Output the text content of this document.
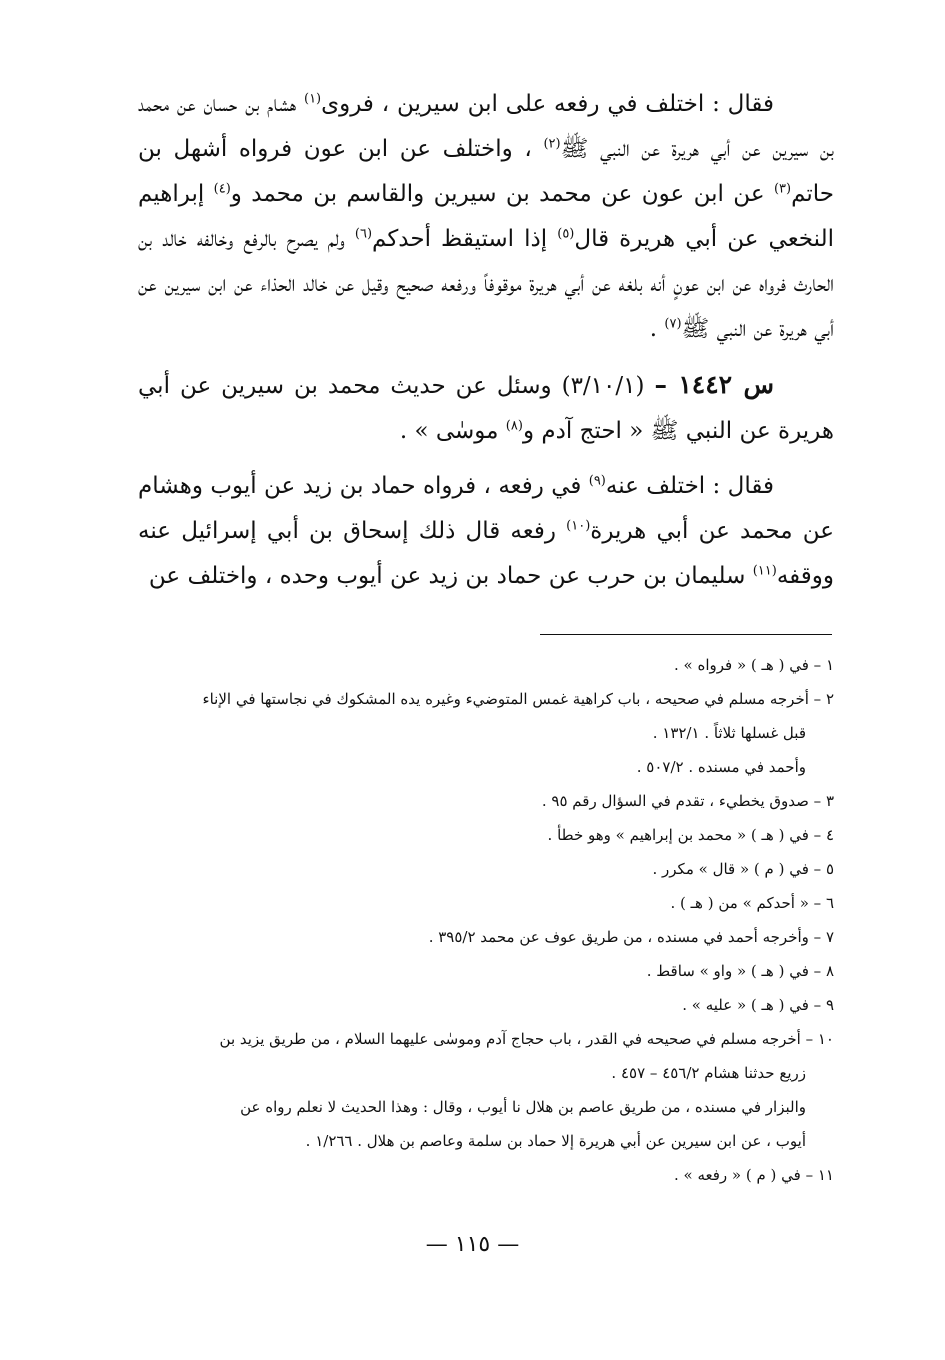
فقال : اختلف في رفعه على ابن سيرين ، فروى$^{(١)}$ هشام بن حسان عن محمد بن سيرين عن أبي هريرة عن النبي ﷺ$^{(٢)}$ ، واختلف عن ابن عون فرواه أشهل بن حاتم$^{(٣)}$ عن ابن عون عن محمد بن سيرين والقاسم بن محمد و$^{(٤)}$ إبراهيم النخعي عن أبي هريرة قال$^{(٥)}$ إذا استيقظ أحدكم$^{(٦)}$ ولم يصرح بالرفع وخالفه خالد بن الحارث فرواه عن ابن عونٍ أنه بلغه عن أبي هريرة موقوفاً ورفعه صحيح وقيل عن خالد الحذاء عن ابن سيرين عن أبي هريرة عن النبي ﷺ$^{(٧)}$ .

س ١٤٤٢ – (٣/١٠/١) وسئل عن حديث محمد بن سيرين عن أبي هريرة عن النبي ﷺ « احتج آدم و$^{(٨)}$ موسٰى » .

فقال : اختلف عنه$^{(٩)}$ في رفعه ، فرواه حماد بن زيد عن أيوب وهشام عن محمد عن أبي هريرة$^{(١٠)}$ رفعه قال ذلك إسحاق بن أبي إسرائيل عنه ووقفه$^{(١١)}$ سليمان بن حرب عن حماد بن زيد عن أيوب وحده ، واختلف عن

١ – في ( هـ ) « فرواه » .

٢ – أخرجه مسلم في صحيحه ، باب كراهية غمس المتوضيء وغيره يده المشكوك في نجاستها في الإناء
قبل غسلها ثلاثاً . ١٣٢/١ .
وأحمد في مسنده . ٥٠٧/٢ .

٣ – صدوق يخطيء ، تقدم في السؤال رقم ٩٥ .

٤ – في ( هـ ) « محمد بن إبراهيم » وهو خطأ .

٥ – في ( م ) « قال » مكرر .

٦ – « أحدكم » من ( هـ ) .

٧ – وأخرجه أحمد في مسنده ، من طريق عوف عن محمد ٣٩٥/٢ .

٨ – في ( هـ ) « واو » ساقط .

٩ – في ( هـ ) « عليه » .

١٠ – أخرجه مسلم في صحيحه في القدر ، باب حجاج آدم وموسٰى عليهما السلام ، من طريق يزيد بن
زريع حدثنا هشام ٤٥٦/٢ – ٤٥٧ .
والبزار في مسنده ، من طريق عاصم بن هلال نا أيوب ، وقال : وهذا الحديث لا نعلم رواه عن
أيوب ، عن ابن سيرين عن أبي هريرة إلا حماد بن سلمة وعاصم بن هلال . ١/٢٦٦ .

١١ – في ( م ) « رفعه » .

— ١١٥ —
